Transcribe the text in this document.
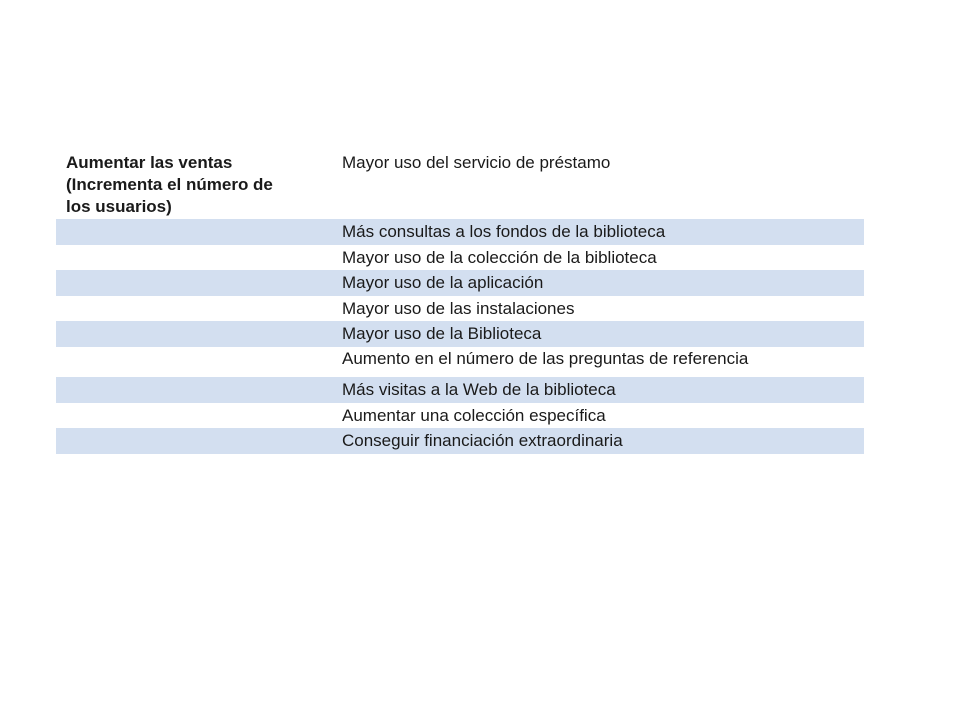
Aumentar las ventas
(Incrementa el número de
los usuarios)
Mayor uso del servicio de préstamo
Más consultas a los fondos de la biblioteca
Mayor uso de la colección de la biblioteca
Mayor uso de la aplicación
Mayor uso de las instalaciones
Mayor uso de la Biblioteca
Aumento en el número de las preguntas de referencia
Más visitas a la Web de la biblioteca
Aumentar una colección específica
Conseguir financiación extraordinaria
